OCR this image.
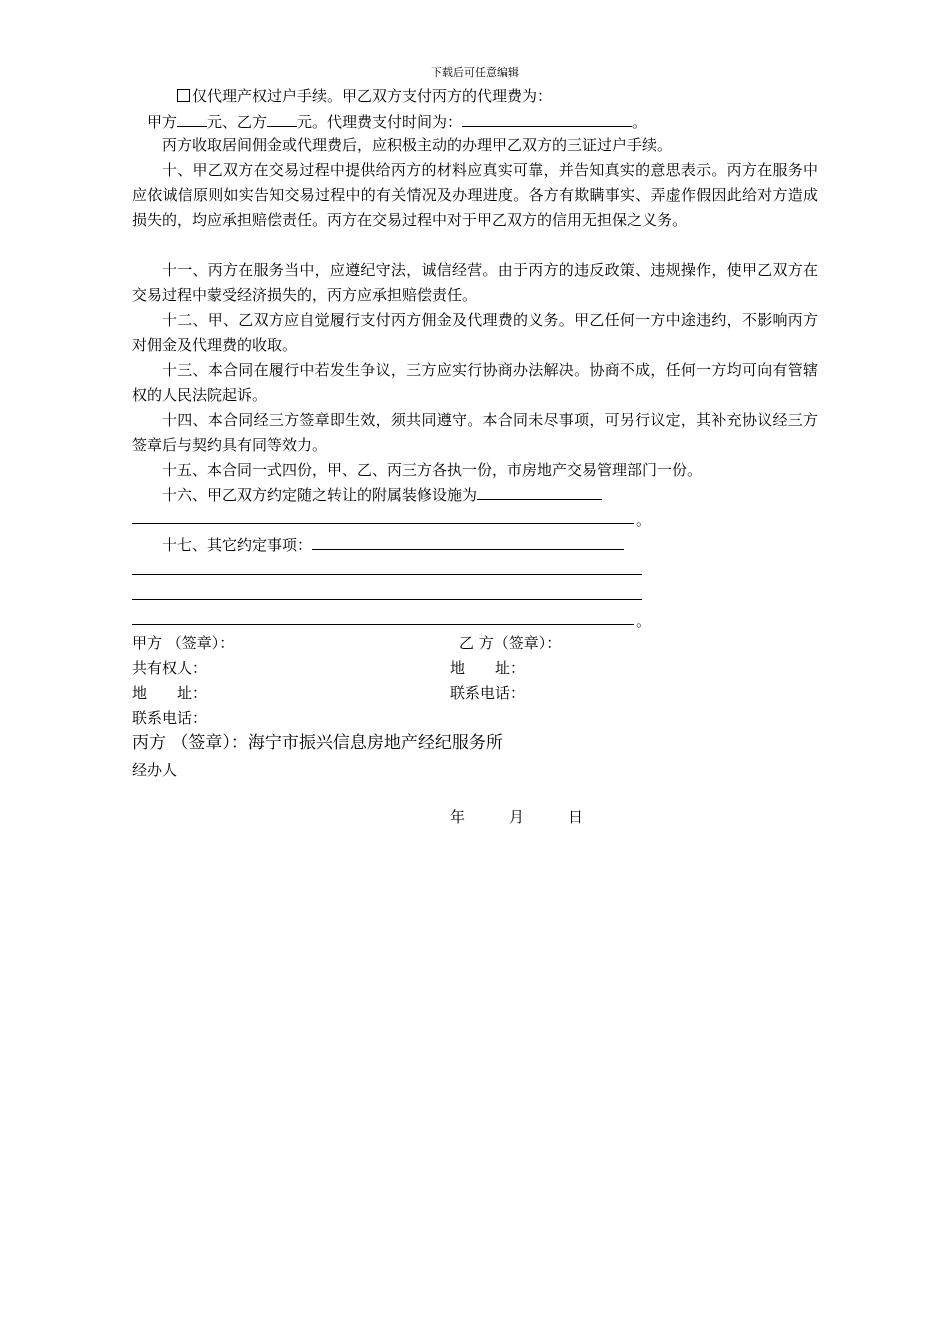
下载后可任意编辑
仅代理产权过户手续。甲乙双方支付丙方的代理费为：
甲方 元、乙方 元。代理费支付时间为：	。
丙方收取居间佣金或代理费后，应积极主动的办理甲乙双方的三证过户手续。
十、甲乙双方在交易过程中提供给丙方的材料应真实可靠，并告知真实的意思表示。丙方在服务中应依诚信原则如实告知交易过程中的有关情况及办理进度。各方有欺瞒事实、弄虚作假因此给对方造成损失的，均应承担赔偿责任。丙方在交易过程中对于甲乙双方的信用无担保之义务。
十一、丙方在服务当中，应遵纪守法，诚信经营。由于丙方的违反政策、违规操作，使甲乙双方在交易过程中蒙受经济损失的，丙方应承担赔偿责任。
十二、甲、乙双方应自觉履行支付丙方佣金及代理费的义务。甲乙任何一方中途违约，不影响丙方对佣金及代理费的收取。
十三、本合同在履行中若发生争议，三方应实行协商办法解决。协商不成，任何一方均可向有管辖权的人民法院起诉。
十四、本合同经三方签章即生效，须共同遵守。本合同未尽事项，可另行议定，其补充协议经三方签章后与契约具有同等效力。
十五、本合同一式四份，甲、乙、丙三方各执一份，市房地产交易管理部门一份。
十六、甲乙双方约定随之转让的附属装修设施为
。
十七、其它约定事项：
。
甲方 （签章）：	乙 方（签章）：
共有权人：	地　　址：
地　　址：	联系电话：
联系电话：
丙方 （签章）：海宁市振兴信息房地产经纪服务所
经办人
年	月	日
